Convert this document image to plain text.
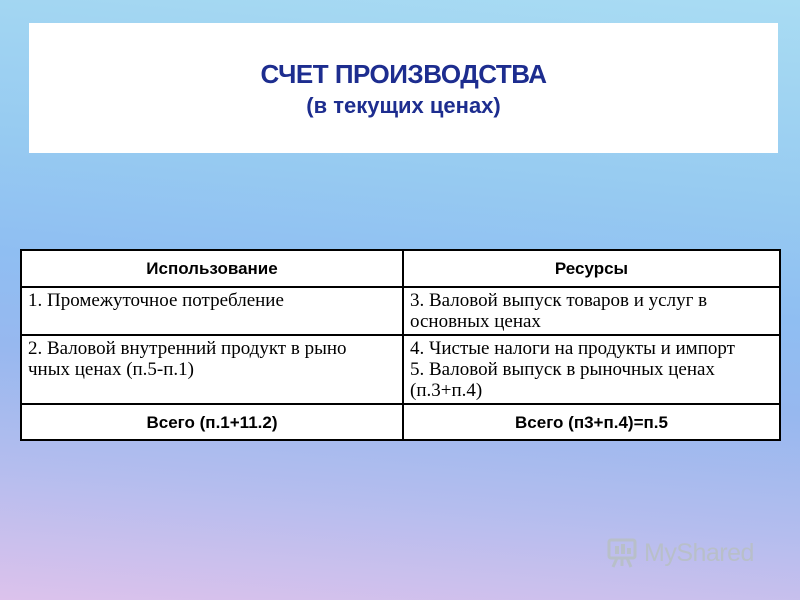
СЧЕТ ПРОИЗВОДСТВА
(в текущих ценах)
Использование	Ресурсы

1. Промежуточное потребление	3. Валовой выпуск товаров и услуг в
основных ценах

2. Валовой внутренний продукт в рыно
чных ценах (п.5-п.1)	4. Чистые налоги на продукты и импорт
5. Валовой выпуск в рыночных ценах
(п.3+п.4)

Всего (п.1+11.2)	Всего (п3+п.4)=п.5
MyShared
